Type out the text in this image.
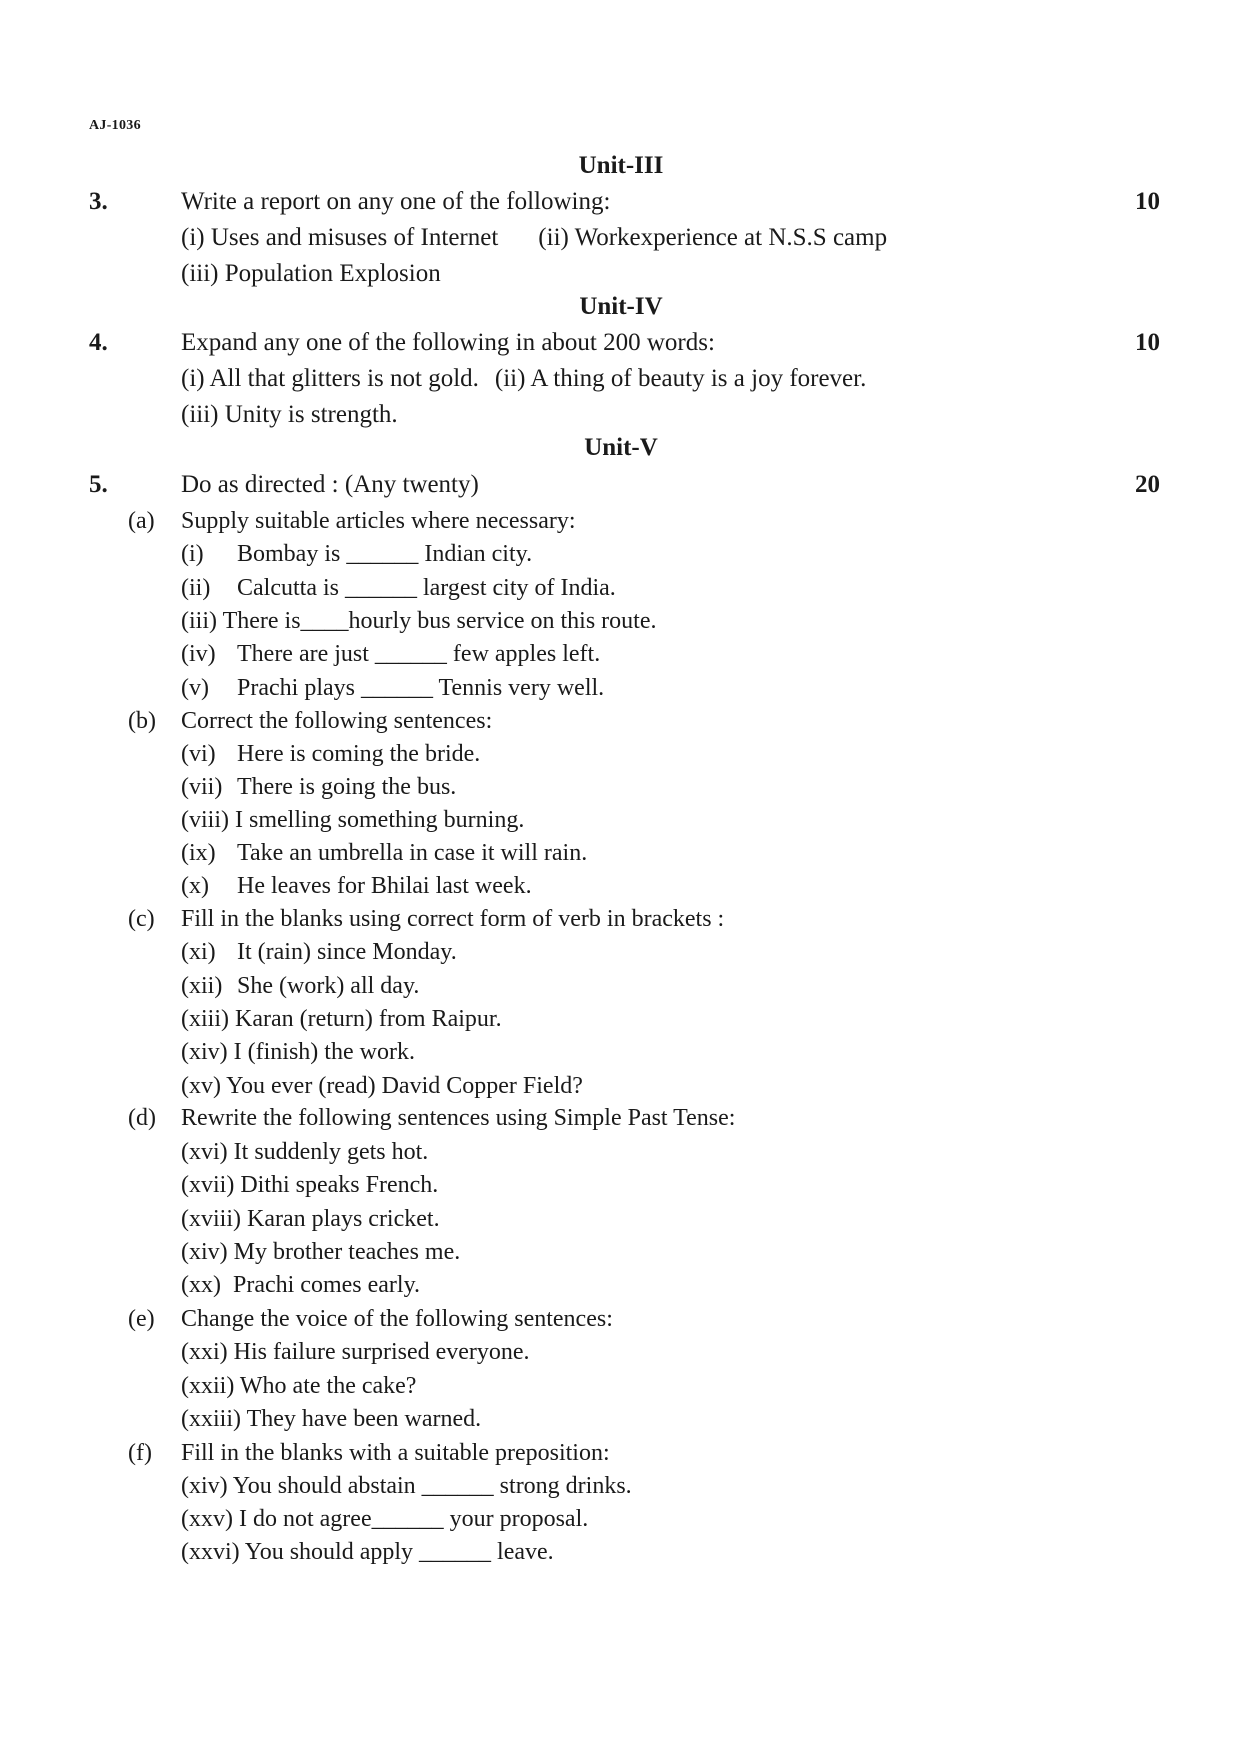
AJ-1036
Unit-III
3.	Write a report on any one of the following:	10
(i) Uses and misuses of Internet (ii) Workexperience at N.S.S camp
(iii) Population Explosion
Unit-IV
4.	Expand any one of the following in about 200 words:	10
(i) All that glitters is not gold. (ii) A thing of beauty is a joy forever.
(iii) Unity is strength.
Unit-V
5.	Do as directed : (Any twenty)	20
(a) Supply suitable articles where necessary:
(i) Bombay is ______ Indian city.
(ii) Calcutta is ______ largest city of India.
(iii) There is____hourly bus service on this route.
(iv) There are just ______ few apples left.
(v) Prachi plays ______ Tennis very well.
(b) Correct the following sentences:
(vi) Here is coming the bride.
(vii) There is going the bus.
(viii) I smelling something burning.
(ix) Take an umbrella in case it will rain.
(x) He leaves for Bhilai last week.
(c) Fill in the blanks using correct form of verb in brackets :
(xi) It (rain) since Monday.
(xii) She (work) all day.
(xiii) Karan (return) from Raipur.
(xiv) I (finish) the work.
(xv) You ever (read) David Copper Field?
(d) Rewrite the following sentences using Simple Past Tense:
(xvi) It suddenly gets hot.
(xvii) Dithi speaks French.
(xviii) Karan plays cricket.
(xiv) My brother teaches me.
(xx) Prachi comes early.
(e) Change the voice of the following sentences:
(xxi) His failure surprised everyone.
(xxii) Who ate the cake?
(xxiii) They have been warned.
(f) Fill in the blanks with a suitable preposition:
(xiv) You should abstain ______ strong drinks.
(xxv) I do not agree______ your proposal.
(xxvi) You should apply ______ leave.
